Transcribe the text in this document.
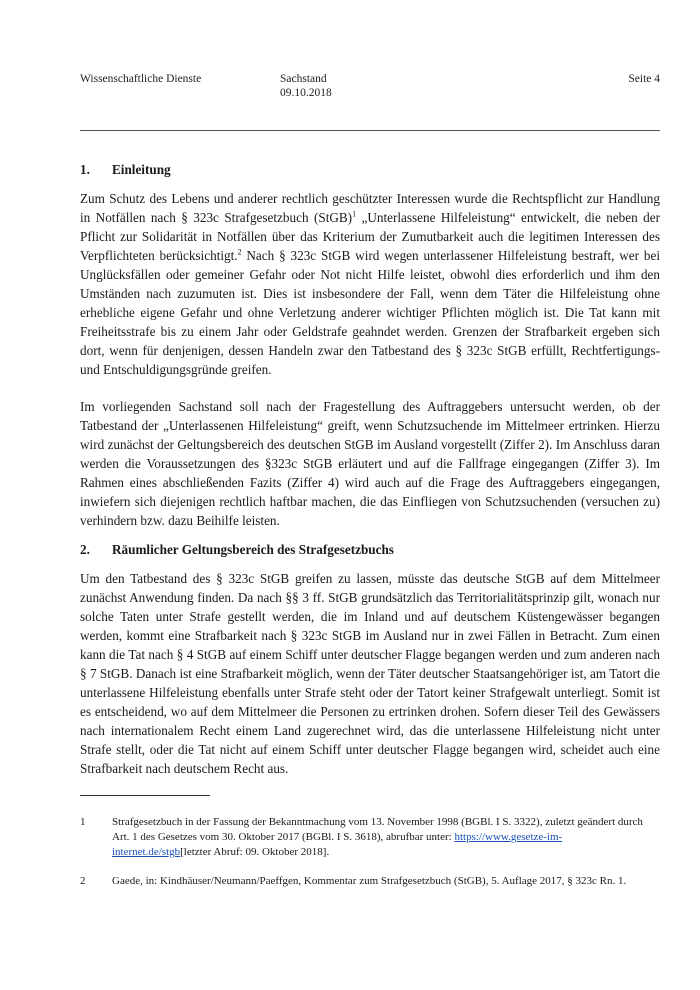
Wissenschaftliche Dienste	Sachstand
09.10.2018
Seite 4
1. Einleitung

Zum Schutz des Lebens und anderer rechtlich geschützter Interessen wurde die Rechtspflicht zur Handlung in Notfällen nach § 323c Strafgesetzbuch (StGB)$^1$ „Unterlassene Hilfeleistung“ entwickelt, die neben der Pflicht zur Solidarität in Notfällen über das Kriterium der Zumutbarkeit auch die legitimen Interessen des Verpflichteten berücksichtigt.$^2$ Nach § 323c StGB wird wegen unterlassener Hilfeleistung bestraft, wer bei Unglücksfällen oder gemeiner Gefahr oder Not nicht Hilfe leistet, obwohl dies erforderlich und ihm den Umständen nach zuzumuten ist. Dies ist insbesondere der Fall, wenn dem Täter die Hilfeleistung ohne erhebliche eigene Gefahr und ohne Verletzung anderer wichtiger Pflichten möglich ist. Die Tat kann mit Freiheitsstrafe bis zu einem Jahr oder Geldstrafe geahndet werden. Grenzen der Strafbarkeit ergeben sich dort, wenn für denjenigen, dessen Handeln zwar den Tatbestand des § 323c StGB erfüllt, Rechtfertigungs- und Entschuldigungsgründe greifen.

Im vorliegenden Sachstand soll nach der Fragestellung des Auftraggebers untersucht werden, ob der Tatbestand der „Unterlassenen Hilfeleistung“ greift, wenn Schutzsuchende im Mittelmeer ertrinken. Hierzu wird zunächst der Geltungsbereich des deutschen StGB im Ausland vorgestellt (Ziffer 2). Im Anschluss daran werden die Voraussetzungen des §323c StGB erläutert und auf die Fallfrage eingegangen (Ziffer 3). Im Rahmen eines abschließenden Fazits (Ziffer 4) wird auch auf die Frage des Auftraggebers eingegangen, inwiefern sich diejenigen rechtlich haftbar machen, die das Einfliegen von Schutzsuchenden (versuchen zu) verhindern bzw. dazu Beihilfe leisten.

2. Räumlicher Geltungsbereich des Strafgesetzbuchs

Um den Tatbestand des § 323c StGB greifen zu lassen, müsste das deutsche StGB auf dem Mittelmeer zunächst Anwendung finden. Da nach §§ 3 ff. StGB grundsätzlich das Territorialitätsprinzip gilt, wonach nur solche Taten unter Strafe gestellt werden, die im Inland und auf deutschem Küstengewässer begangen werden, kommt eine Strafbarkeit nach § 323c StGB im Ausland nur in zwei Fällen in Betracht. Zum einen kann die Tat nach § 4 StGB auf einem Schiff unter deutscher Flagge begangen werden und zum anderen nach § 7 StGB. Danach ist eine Strafbarkeit möglich, wenn der Täter deutscher Staatsangehöriger ist, am Tatort die unterlassene Hilfeleistung ebenfalls unter Strafe steht oder der Tatort keiner Strafgewalt unterliegt. Somit ist es entscheidend, wo auf dem Mittelmeer die Personen zu ertrinken drohen. Sofern dieser Teil des Gewässers nach internationalem Recht einem Land zugerechnet wird, das die unterlassene Hilfeleistung nicht unter Strafe stellt, oder die Tat nicht auf einem Schiff unter deutscher Flagge begangen wird, scheidet auch eine Strafbarkeit nach deutschem Recht aus.

1 Strafgesetzbuch in der Fassung der Bekanntmachung vom 13. November 1998 (BGBl. I S. 3322), zuletzt geändert durch Art. 1 des Gesetzes vom 30. Oktober 2017 (BGBl. I S. 3618), abrufbar unter: https://www.gesetze-im-internet.de/stgb[letzter Abruf: 09. Oktober 2018].
2 Gaede, in: Kindhäuser/Neumann/Paeffgen, Kommentar zum Strafgesetzbuch (StGB), 5. Auflage 2017, § 323c Rn. 1.
